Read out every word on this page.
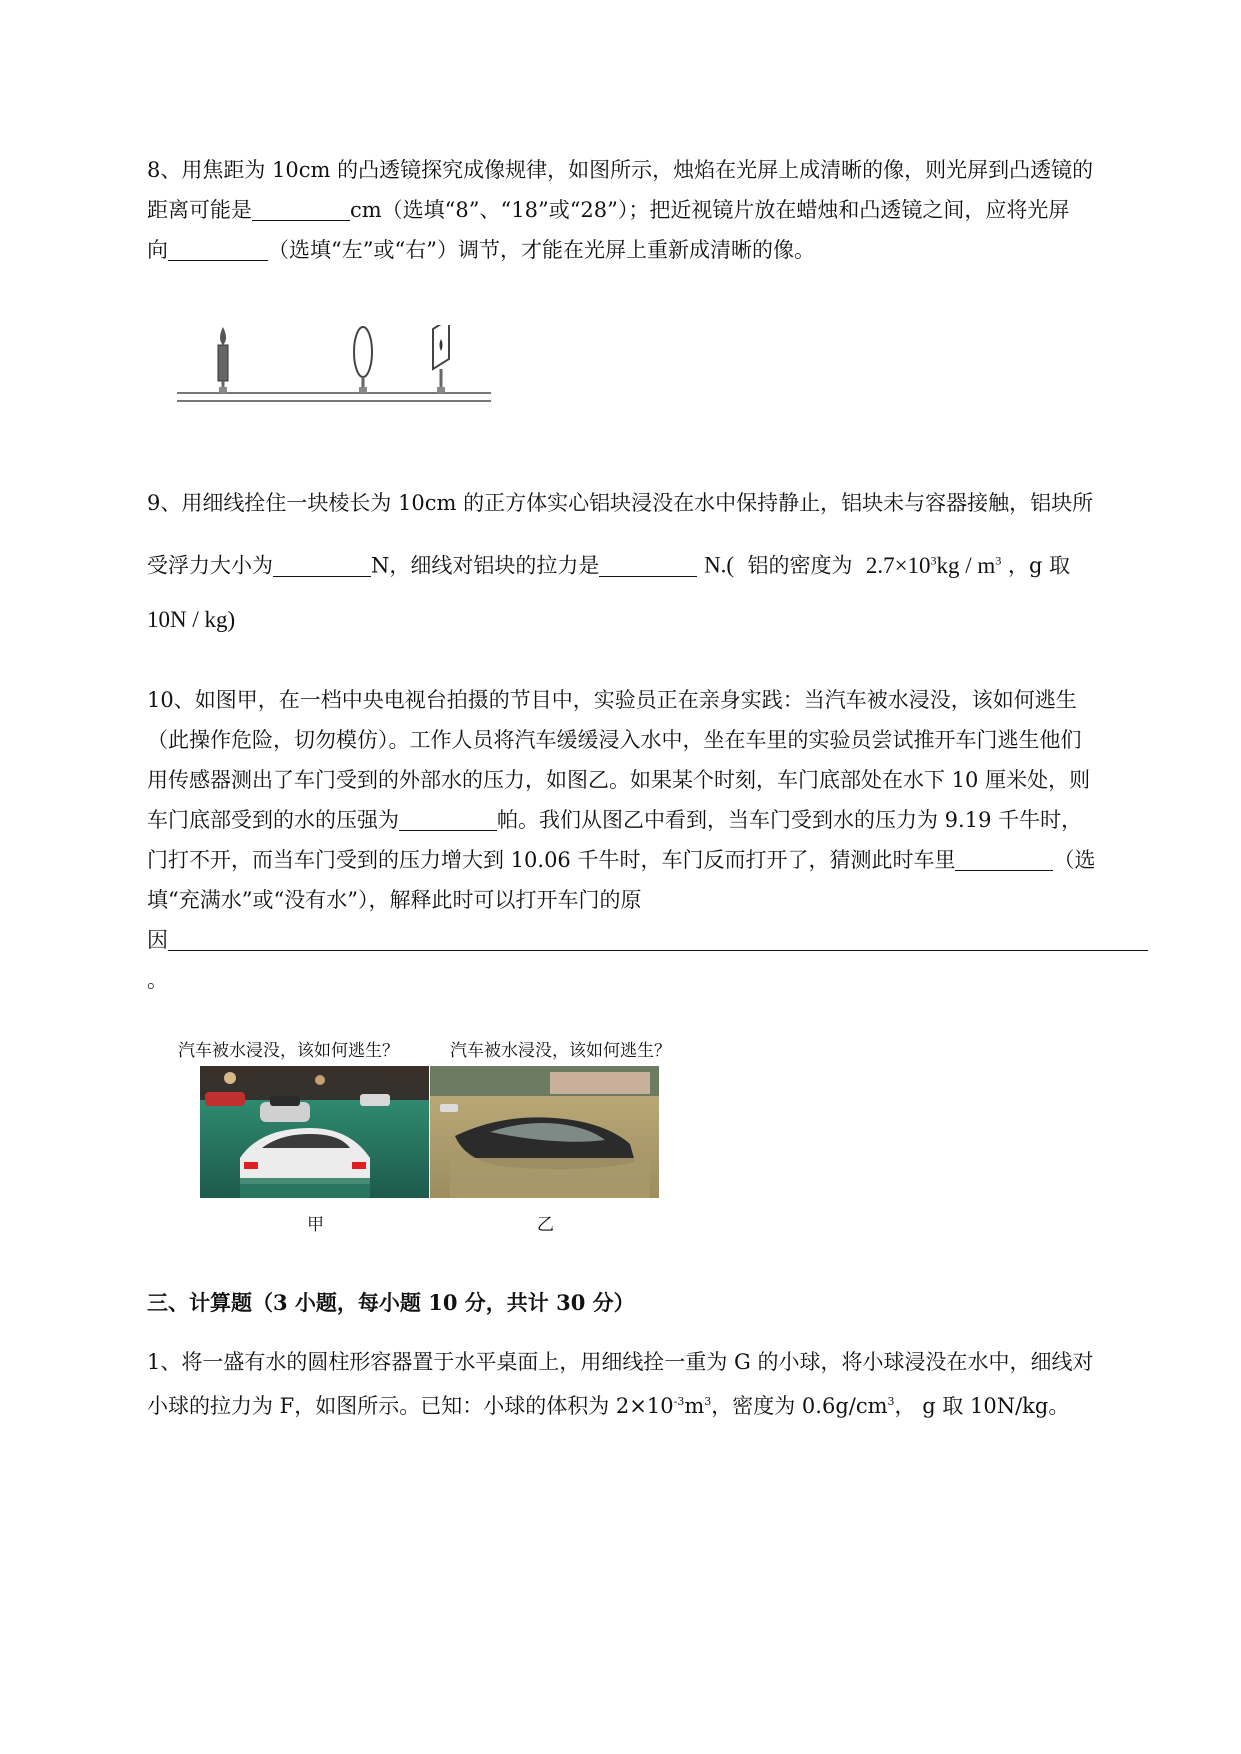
8、用焦距为 10cm 的凸透镜探究成像规律，如图所示，烛焰在光屏上成清晰的像，则光屏到凸透镜的
距离可能是	cm（选填“8”、“18”或“28”）；把近视镜片放在蜡烛和凸透镜之间，应将光屏
向	（选填“左”或“右”）调节，才能在光屏上重新成清晰的像。
9、用细线拴住一块棱长为 10cm 的正方体实心铝块浸没在水中保持静止，铝块未与容器接触，铝块所
受浮力大小为	N，细线对铝块的拉力是	N.( 铝的密度为 $2.7\times 10^3kg / m^3$ ，g 取
10N / kg)
10、如图甲，在一档中央电视台拍摄的节目中，实验员正在亲身实践：当汽车被水浸没，该如何逃生
（此操作危险，切勿模仿）。工作人员将汽车缓缓浸入水中，坐在车里的实验员尝试推开车门逃生他们
用传感器测出了车门受到的外部水的压力，如图乙。如果某个时刻，车门底部处在水下 10 厘米处，则
车门底部受到的水的压强为	帕。我们从图乙中看到，当车门受到水的压力为 9.19 千牛时，
门打不开，而当车门受到的压力增大到 10.06 千牛时，车门反而打开了，猜测此时车里	（选
填“充满水”或“没有水”），解释此时可以打开车门的原
因
。
汽车被水浸没，该如何逃生？	汽车被水浸没，该如何逃生？
甲	乙
三、计算题（3 小题，每小题 10 分，共计 30 分）
1、将一盛有水的圆柱形容器置于水平桌面上，用细线拴一重为 G 的小球，将小球浸没在水中，细线对
小球的拉力为 F，如图所示。已知：小球的体积为 $2\times 10^{-3}m^3$，密度为 $0.6g/cm^3$， g 取 10N/kg。
